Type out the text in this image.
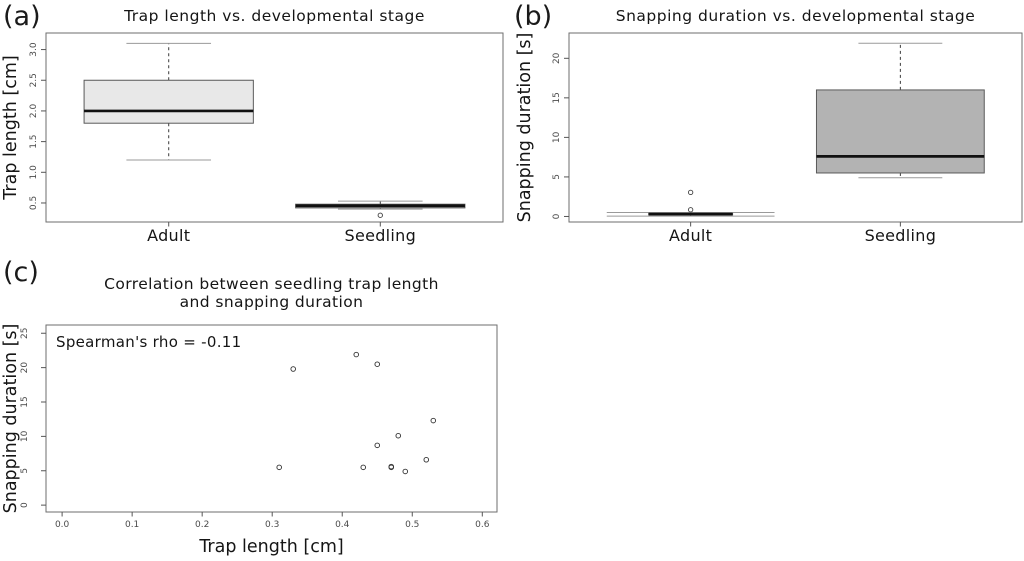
(a)	(b)
(c)
0.5
1.0
1.5
2.0
2.5
3.0
Adult	Seedling
Trap length vs. developmental stage
Trap length [cm]
0
5
10
15
20
Adult	Seedling
Snapping duration vs. developmental stage
Snapping duration [s]
0
5
10
15
20
25
0.0	0.1	0.2	0.3	0.4	0.5	0.6
Correlation between seedling trap length
and snapping duration
Spearman's rho = -0.11
Trap length [cm]
Snapping duration [s]
